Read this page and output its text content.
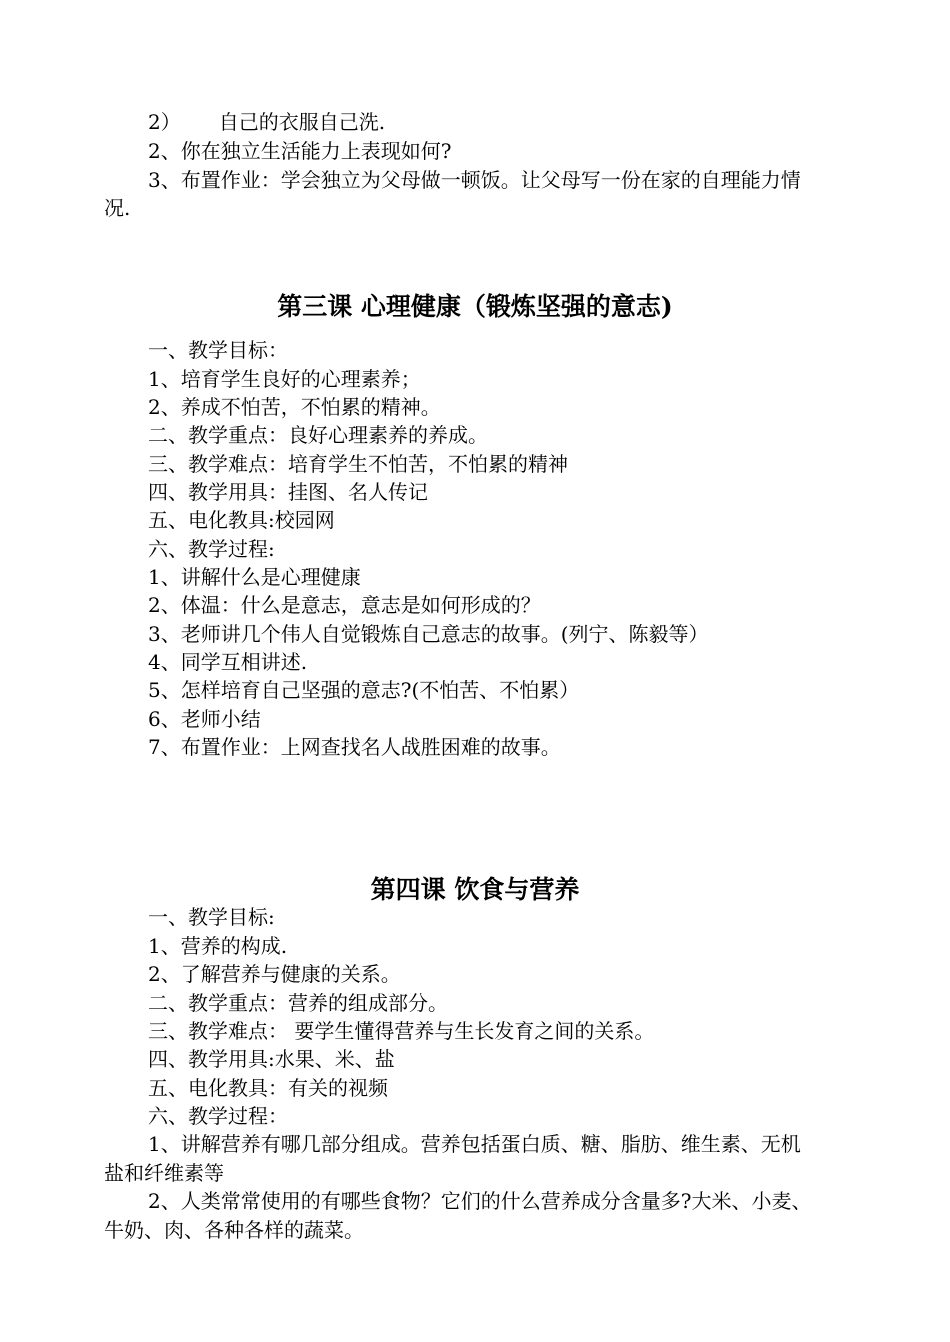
2） 自己的衣服自己洗.
2、你在独立生活能力上表现如何?
3、布置作业：学会独立为父母做一顿饭。让父母写一份在家的自理能力情
况.
第三课 心理健康（锻炼坚强的意志)
一、教学目标：
1、培育学生良好的心理素养；
2、养成不怕苦，不怕累的精神。
二、教学重点：良好心理素养的养成。
三、教学难点：培育学生不怕苦，不怕累的精神
四、教学用具：挂图、名人传记
五、电化教具:校园网
六、教学过程:
1、讲解什么是心理健康
2、体温：什么是意志，意志是如何形成的？
3、老师讲几个伟人自觉锻炼自己意志的故事。(列宁、陈毅等）
4、同学互相讲述.
5、怎样培育自己坚强的意志?(不怕苦、不怕累）
6、老师小结
7、布置作业：上网查找名人战胜困难的故事。
第四课 饮食与营养
一、教学目标:
1、营养的构成.
2、了解营养与健康的关系。
二、教学重点：营养的组成部分。
三、教学难点： 要学生懂得营养与生长发育之间的关系。
四、教学用具:水果、米、盐
五、电化教具：有关的视频
六、教学过程：
1、讲解营养有哪几部分组成。营养包括蛋白质、糖、脂肪、维生素、无机
盐和纤维素等
2、人类常常使用的有哪些食物？它们的什么营养成分含量多?大米、小麦、
牛奶、肉、各种各样的蔬菜。
